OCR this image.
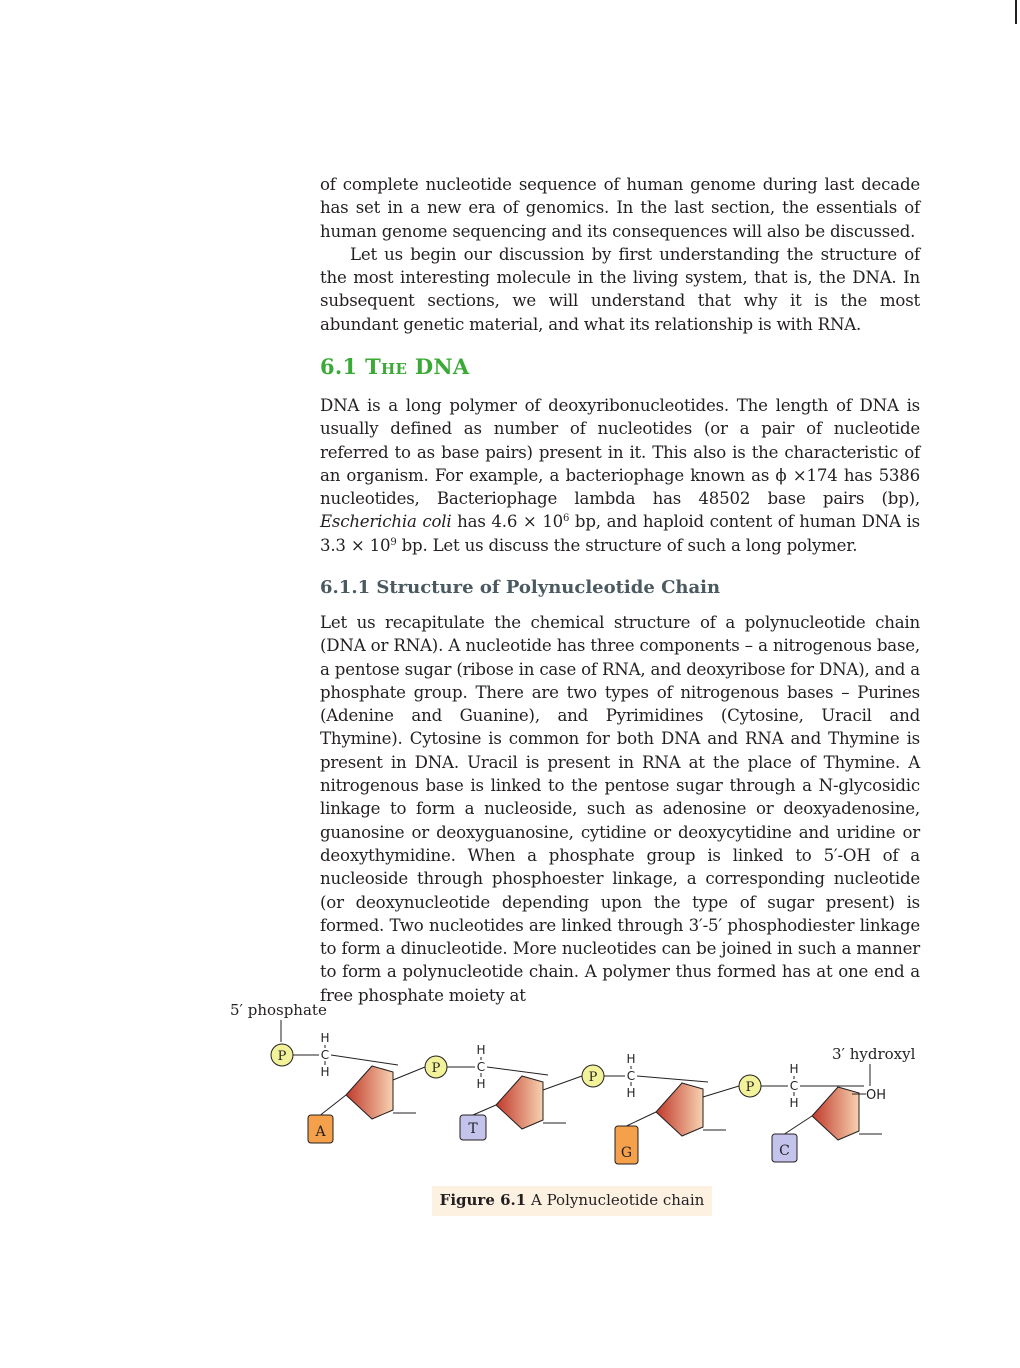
of complete nucleotide sequence of human genome during last decade has set in a new era of genomics. In the last section, the essentials of human genome sequencing and its consequences will also be discussed.

Let us begin our discussion by first understanding the structure of the most interesting molecule in the living system, that is, the DNA. In subsequent sections, we will understand that why it is the most abundant genetic material, and what its relationship is with RNA.

6.1 THE DNA

DNA is a long polymer of deoxyribonucleotides. The length of DNA is usually defined as number of nucleotides (or a pair of nucleotide referred to as base pairs) present in it. This also is the characteristic of an organism. For example, a bacteriophage known as ϕ ×174 has 5386 nucleotides, Bacteriophage lambda has 48502 base pairs (bp), Escherichia coli has $4.6 \times 10^6$ bp, and haploid content of human DNA is $3.3 \times 10^9$ bp. Let us discuss the structure of such a long polymer.

6.1.1 Structure of Polynucleotide Chain

Let us recapitulate the chemical structure of a polynucleotide chain (DNA or RNA). A nucleotide has three components – a nitrogenous base, a pentose sugar (ribose in case of RNA, and deoxyribose for DNA), and a phosphate group. There are two types of nitrogenous bases – Purines (Adenine and Guanine), and Pyrimidines (Cytosine, Uracil and Thymine). Cytosine is common for both DNA and RNA and Thymine is present in DNA. Uracil is present in RNA at the place of Thymine. A nitrogenous base is linked to the pentose sugar through a N-glycosidic linkage to form a nucleoside, such as adenosine or deoxyadenosine, guanosine or deoxyguanosine, cytidine or deoxycytidine and uridine or deoxythymidine. When a phosphate group is linked to 5′-OH of a nucleoside through phosphoester linkage, a corresponding nucleotide (or deoxynucleotide depending upon the type of sugar present) is formed. Two nucleotides are linked through 3′-5′ phosphodiester linkage to form a dinucleotide. More nucleotides can be joined in such a manner to form a polynucleotide chain. A polymer thus formed has at one end a free phosphate moiety at

5′ phosphate
3′ hydroxyl
P
H
C
H
A
P
H
C
H
T
P
H
C
H
G
P
H
C
H
C
OH
Figure 6.1 A Polynucleotide chain
